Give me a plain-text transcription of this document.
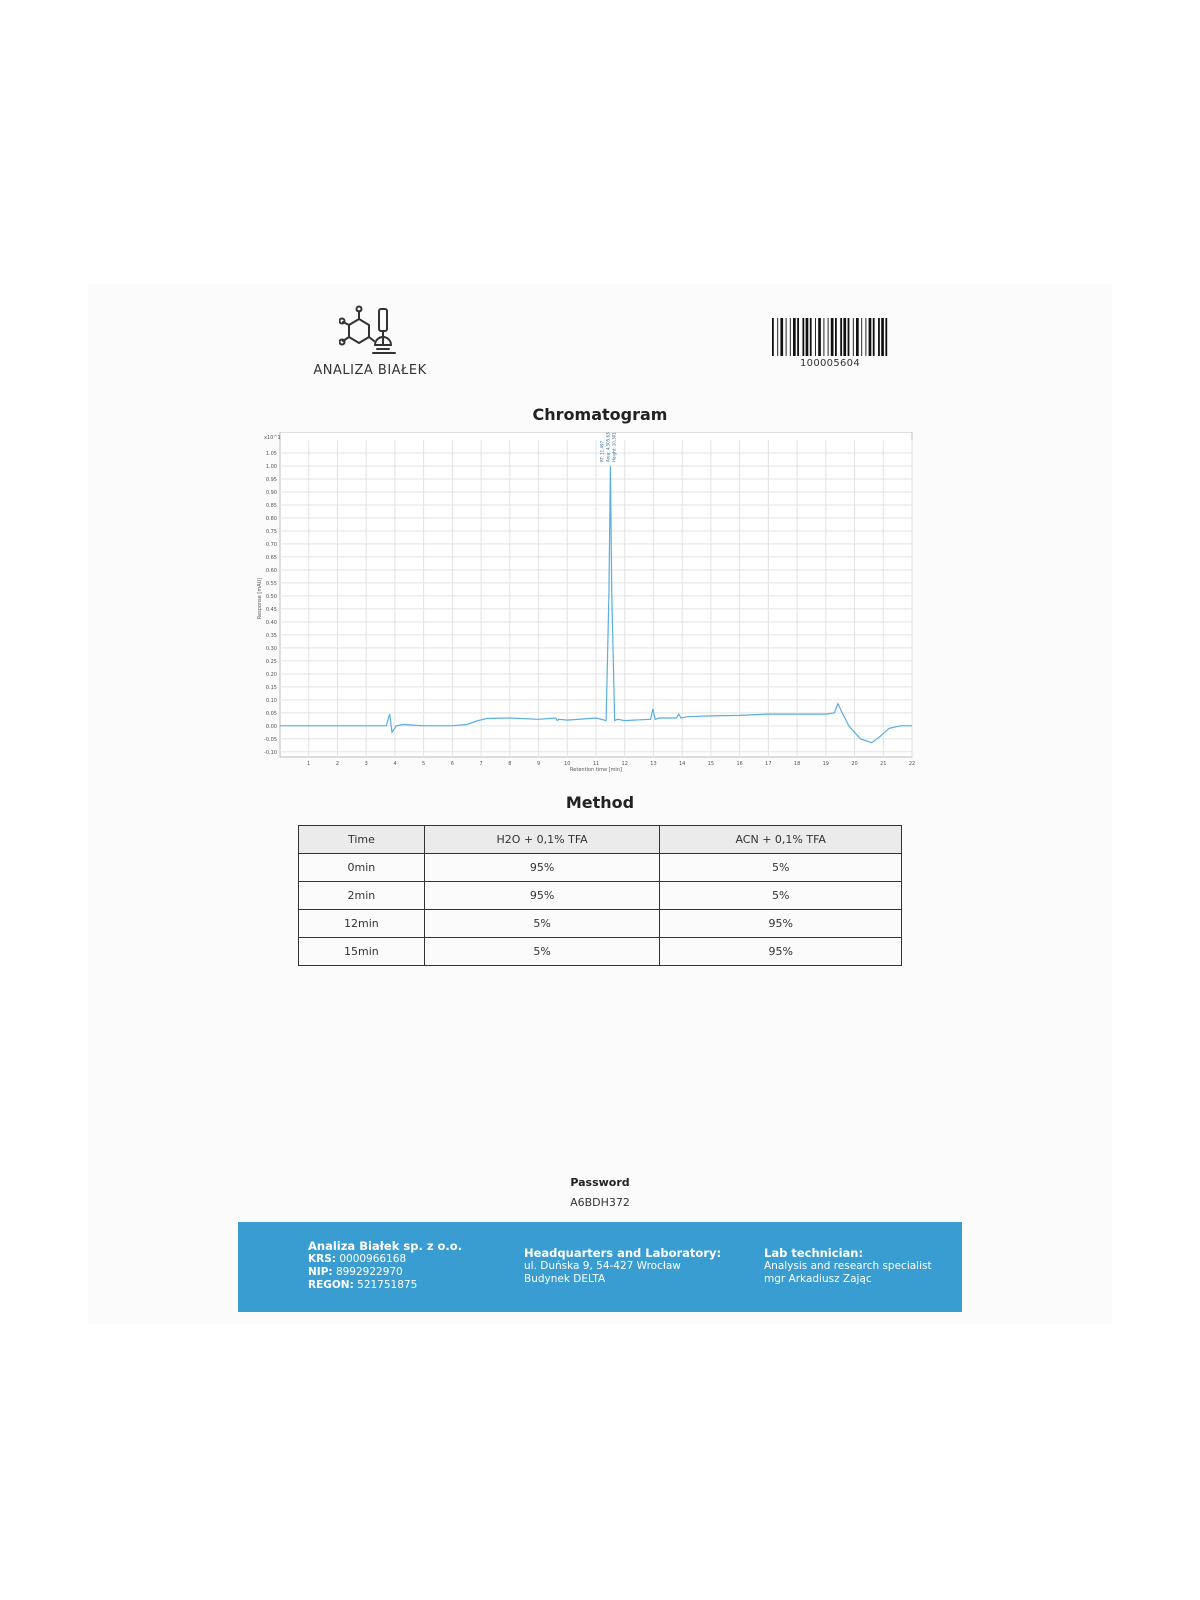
ANALIZA BIAŁEK	100005604
Chromatogram
1	2	3	4	5	6	7	8	9	10	11	12	13	14	15	16	17	18	19	20	21	22
-0.10
-0.05
0.00
0.05
0.10
0.15
0.20
0.25
0.30
0.35
0.40
0.45
0.50
0.55
0.60
0.65
0.70
0.75
0.80
0.85
0.90
0.95
1.00
1.05
x10^1
Retention time [min]
Response [mAU]
RT: 11.497 Area: 4,305,632.1 Height: 10,301.14
Method
Time	H2O + 0,1% TFA	ACN + 0,1% TFA
0min	95%	5%
2min	95%	5%
12min	5%	95%
15min	5%	95%
Password
A6BDH372
Analiza Białek sp. z o.o.
KRS: 0000966168
NIP: 8992922970
REGON: 521751875
Headquarters and Laboratory:
ul. Duńska 9, 54-427 Wrocław
Budynek DELTA
Lab technician:
Analysis and research specialist
mgr Arkadiusz Zając
